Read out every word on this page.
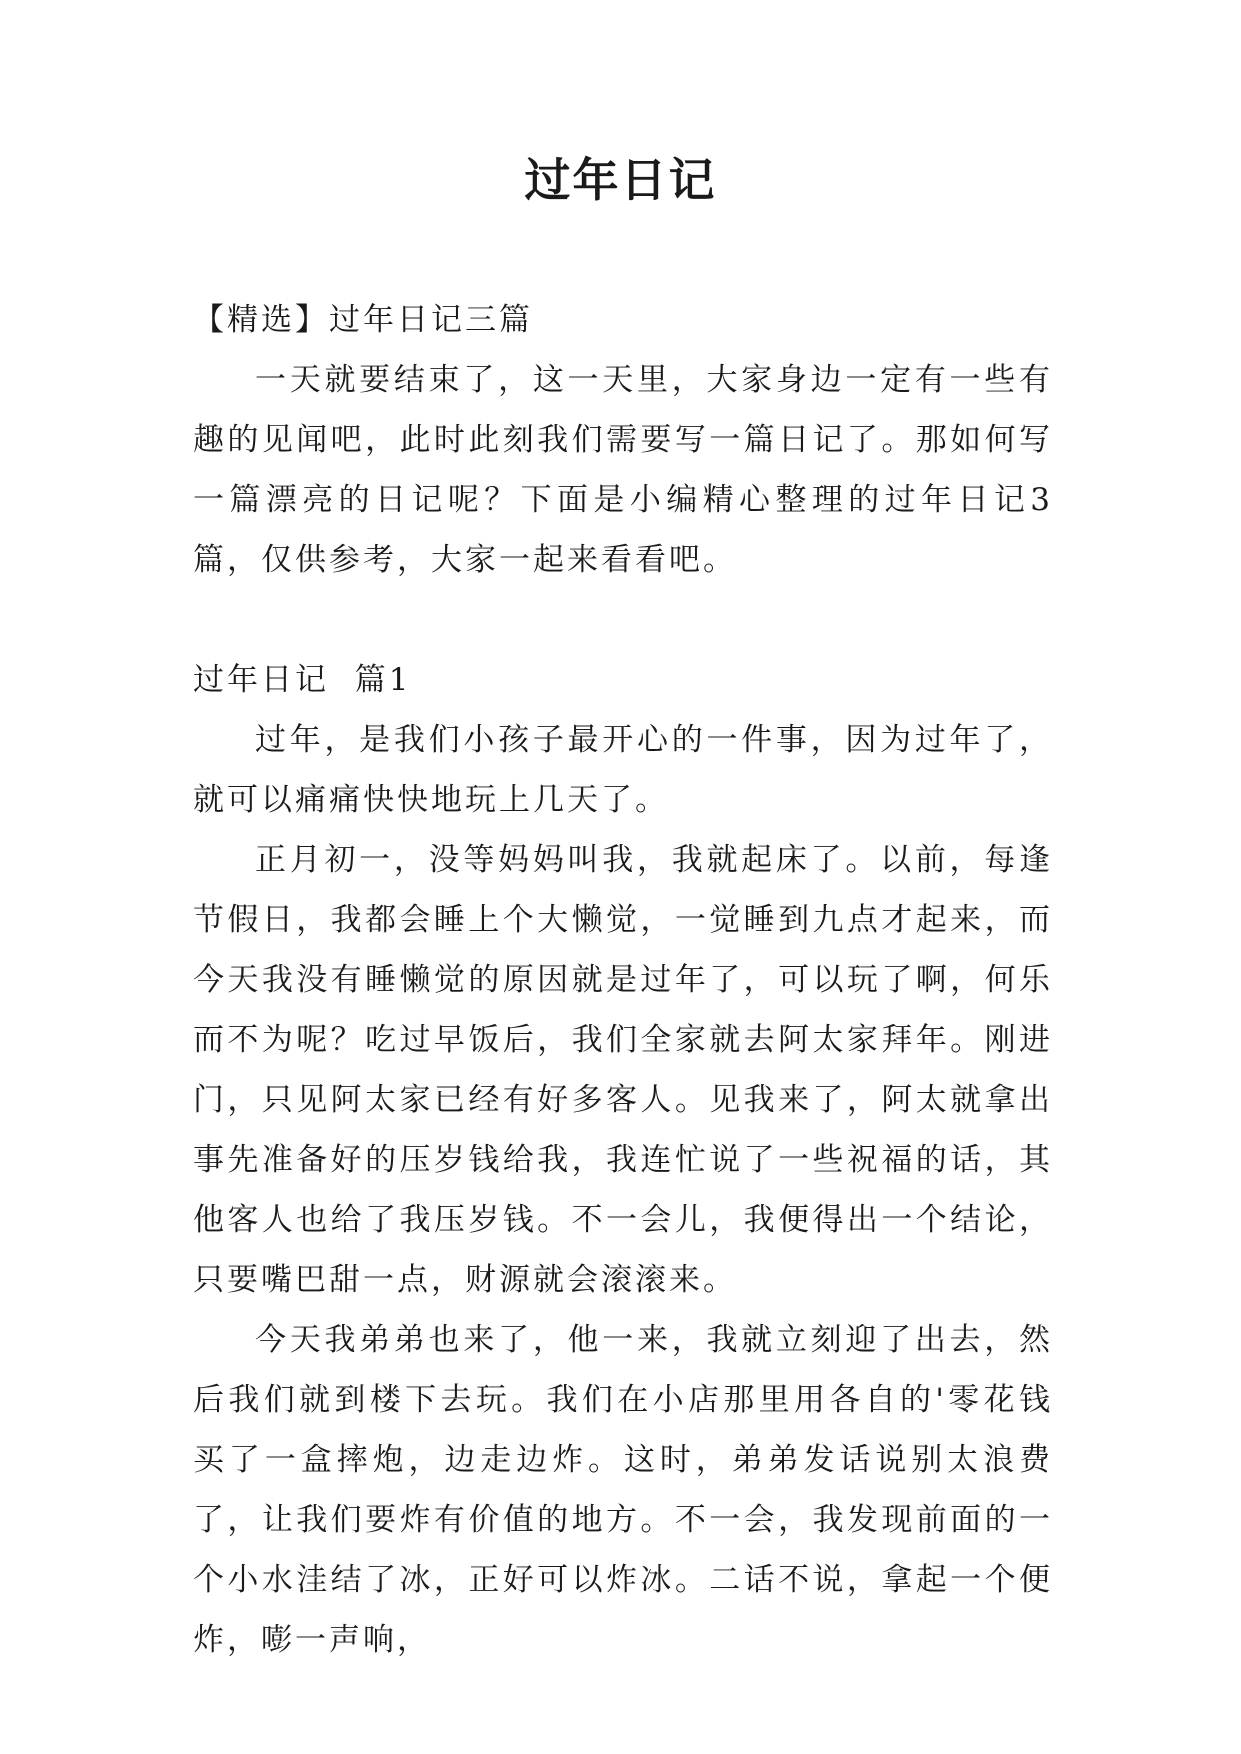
过年日记

【精选】过年日记三篇

一天就要结束了，这一天里，大家身边一定有一些有趣的见闻吧，此时此刻我们需要写一篇日记了。那如何写一篇漂亮的日记呢？下面是小编精心整理的过年日记3篇，仅供参考，大家一起来看看吧。

过年日记  篇1

过年，是我们小孩子最开心的一件事，因为过年了，就可以痛痛快快地玩上几天了。

正月初一，没等妈妈叫我，我就起床了。以前，每逢节假日，我都会睡上个大懒觉，一觉睡到九点才起来，而今天我没有睡懒觉的原因就是过年了，可以玩了啊，何乐而不为呢？吃过早饭后，我们全家就去阿太家拜年。刚进门，只见阿太家已经有好多客人。见我来了，阿太就拿出事先准备好的压岁钱给我，我连忙说了一些祝福的话，其他客人也给了我压岁钱。不一会儿，我便得出一个结论，只要嘴巴甜一点，财源就会滚滚来。

今天我弟弟也来了，他一来，我就立刻迎了出去，然后我们就到楼下去玩。我们在小店那里用各自的'零花钱买了一盒摔炮，边走边炸。这时，弟弟发话说别太浪费了，让我们要炸有价值的地方。不一会，我发现前面的一个小水洼结了冰，正好可以炸冰。二话不说，拿起一个便炸，嘭一声响，
